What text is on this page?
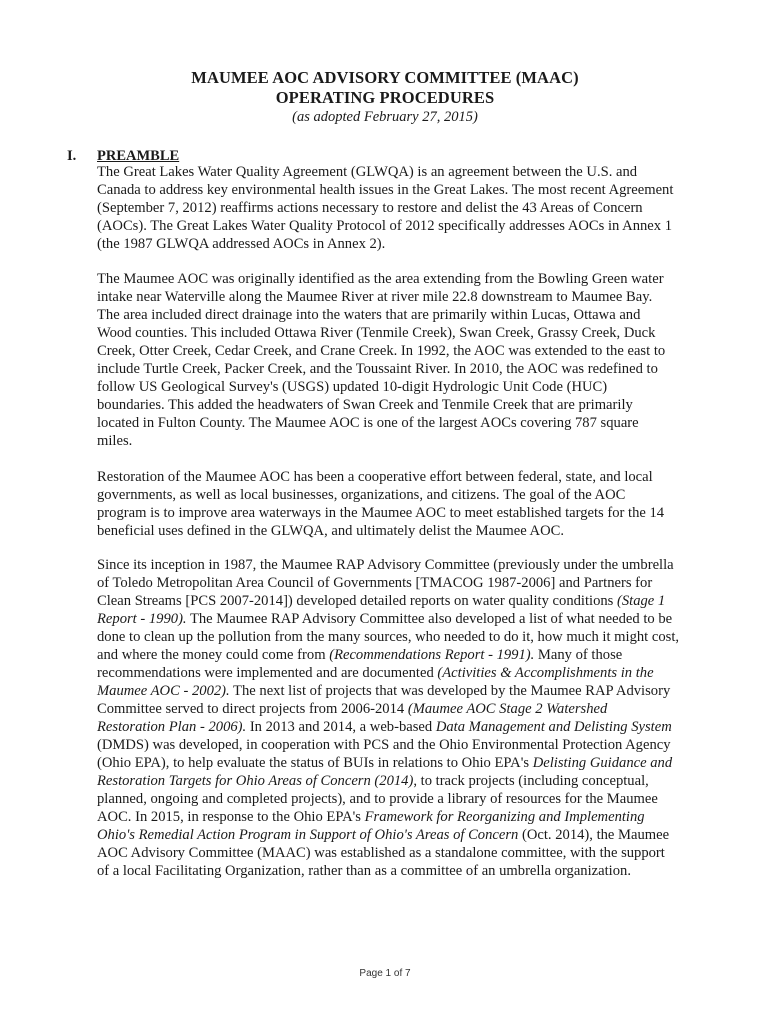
MAUMEE AOC ADVISORY COMMITTEE (MAAC)
OPERATING PROCEDURES
(as adopted February 27, 2015)
I. PREAMBLE
The Great Lakes Water Quality Agreement (GLWQA) is an agreement between the U.S. and
Canada to address key environmental health issues in the Great Lakes. The most recent Agreement
(September 7, 2012) reaffirms actions necessary to restore and delist the 43 Areas of Concern
(AOCs). The Great Lakes Water Quality Protocol of 2012 specifically addresses AOCs in Annex 1
(the 1987 GLWQA addressed AOCs in Annex 2).
The Maumee AOC was originally identified as the area extending from the Bowling Green water
intake near Waterville along the Maumee River at river mile 22.8 downstream to Maumee Bay.
The area included direct drainage into the waters that are primarily within Lucas, Ottawa and
Wood counties. This included Ottawa River (Tenmile Creek), Swan Creek, Grassy Creek, Duck
Creek, Otter Creek, Cedar Creek, and Crane Creek. In 1992, the AOC was extended to the east to
include Turtle Creek, Packer Creek, and the Toussaint River. In 2010, the AOC was redefined to
follow US Geological Survey's (USGS) updated 10-digit Hydrologic Unit Code (HUC)
boundaries. This added the headwaters of Swan Creek and Tenmile Creek that are primarily
located in Fulton County. The Maumee AOC is one of the largest AOCs covering 787 square
miles.
Restoration of the Maumee AOC has been a cooperative effort between federal, state, and local
governments, as well as local businesses, organizations, and citizens. The goal of the AOC
program is to improve area waterways in the Maumee AOC to meet established targets for the 14
beneficial uses defined in the GLWQA, and ultimately delist the Maumee AOC.
Since its inception in 1987, the Maumee RAP Advisory Committee (previously under the umbrella
of Toledo Metropolitan Area Council of Governments [TMACOG 1987-2006] and Partners for
Clean Streams [PCS 2007-2014]) developed detailed reports on water quality conditions (Stage 1
Report - 1990). The Maumee RAP Advisory Committee also developed a list of what needed to be
done to clean up the pollution from the many sources, who needed to do it, how much it might cost,
and where the money could come from (Recommendations Report - 1991). Many of those
recommendations were implemented and are documented (Activities & Accomplishments in the
Maumee AOC - 2002). The next list of projects that was developed by the Maumee RAP Advisory
Committee served to direct projects from 2006-2014 (Maumee AOC Stage 2 Watershed
Restoration Plan - 2006). In 2013 and 2014, a web-based Data Management and Delisting System
(DMDS) was developed, in cooperation with PCS and the Ohio Environmental Protection Agency
(Ohio EPA), to help evaluate the status of BUIs in relations to Ohio EPA's Delisting Guidance and
Restoration Targets for Ohio Areas of Concern (2014), to track projects (including conceptual,
planned, ongoing and completed projects), and to provide a library of resources for the Maumee
AOC. In 2015, in response to the Ohio EPA's Framework for Reorganizing and Implementing
Ohio's Remedial Action Program in Support of Ohio's Areas of Concern (Oct. 2014), the Maumee
AOC Advisory Committee (MAAC) was established as a standalone committee, with the support
of a local Facilitating Organization, rather than as a committee of an umbrella organization.
Page 1 of 7
